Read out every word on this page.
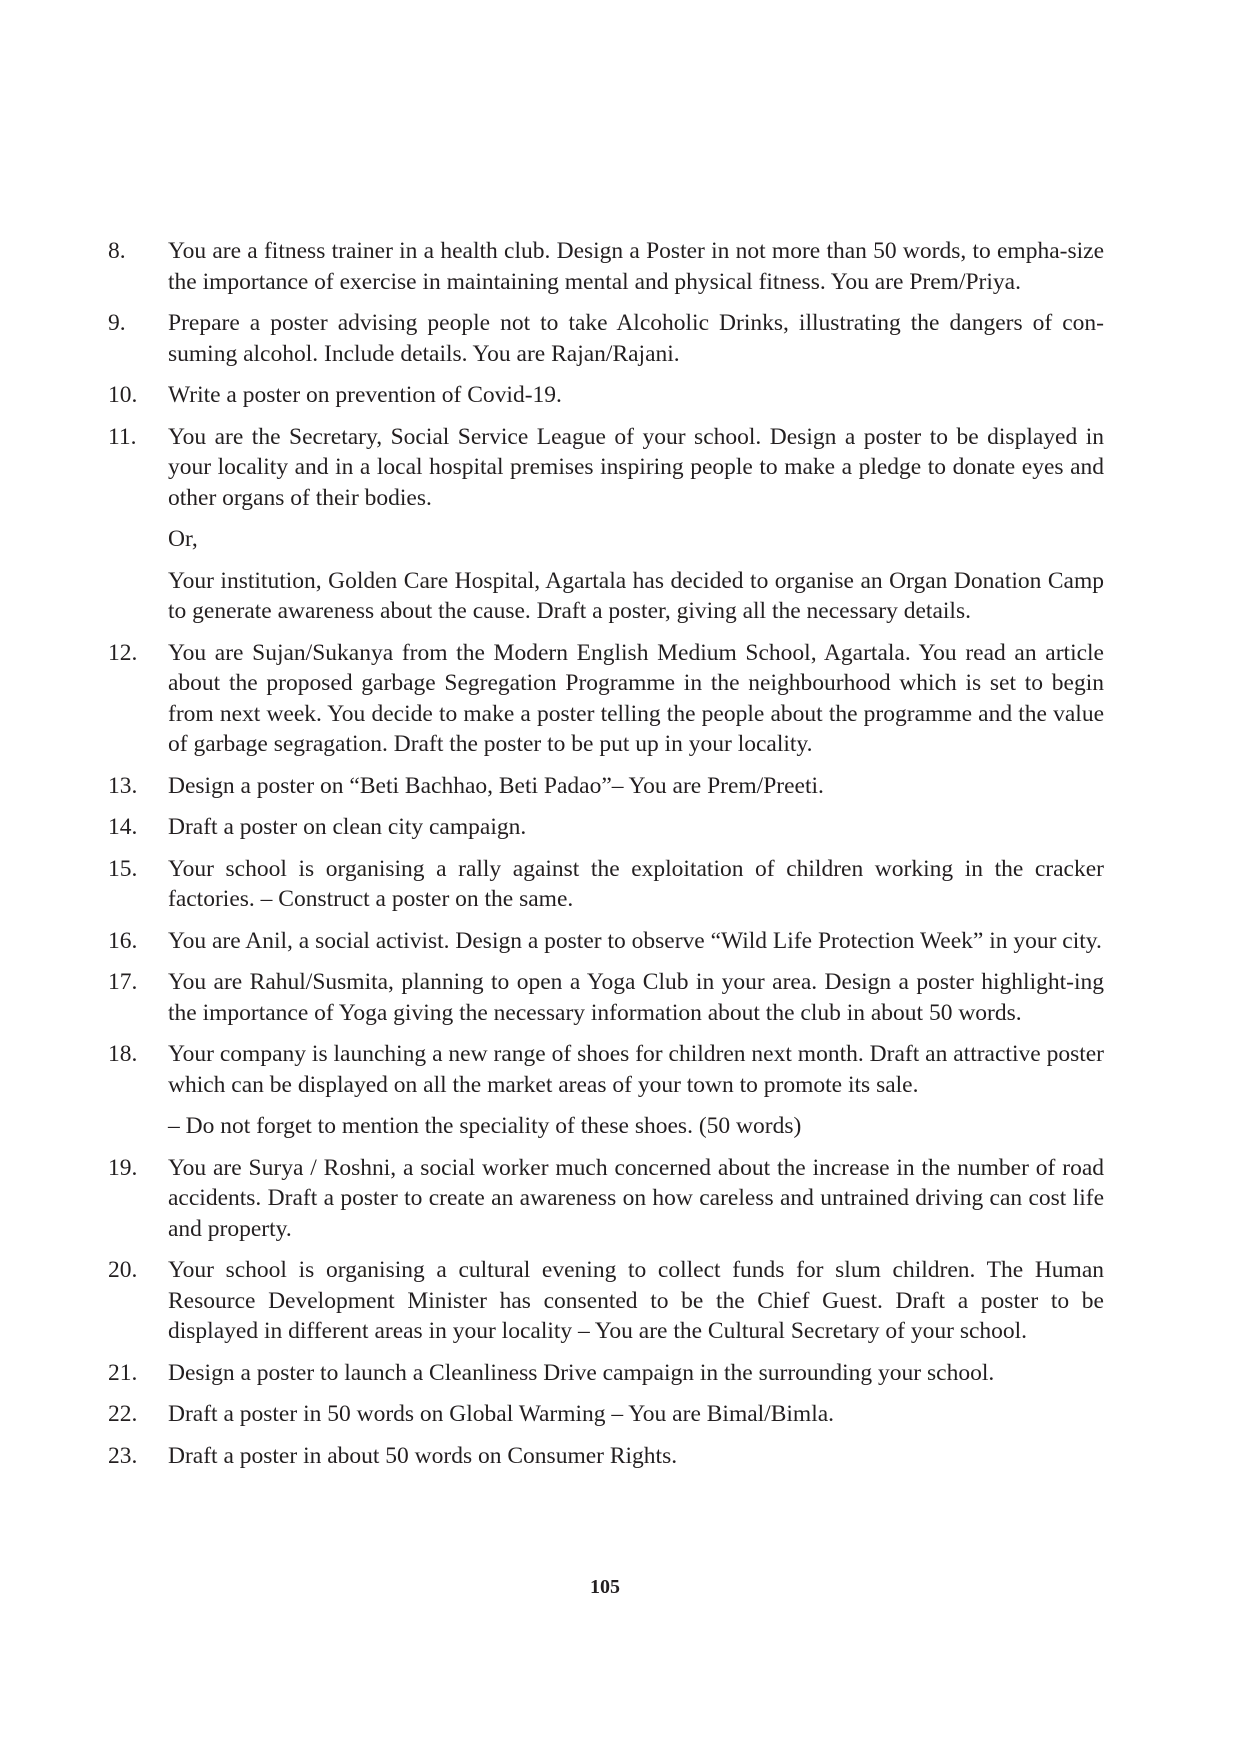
8.	You are a fitness trainer in a health club. Design a Poster in not more than 50 words, to empha-size the importance of exercise in maintaining mental and physical fitness. You are Prem/Priya.
9.	Prepare a poster advising people not to take Alcoholic Drinks, illustrating the dangers of con-suming alcohol. Include details. You are Rajan/Rajani.
10.	Write a poster on prevention of Covid-19.
11.	You are the Secretary, Social Service League of your school. Design a poster to be displayed in your locality and in a local hospital premises inspiring people to make a pledge to donate eyes and other organs of their bodies.
Or,
Your institution, Golden Care Hospital, Agartala has decided to organise an Organ Donation Camp to generate awareness about the cause. Draft a poster, giving all the necessary details.
12.	You are Sujan/Sukanya from the Modern English Medium School, Agartala. You read an article about the proposed garbage Segregation Programme in the neighbourhood which is set to begin from next week. You decide to make a poster telling the people about the programme and the value of garbage segragation. Draft the poster to be put up in your locality.
13.	Design a poster on “Beti Bachhao, Beti Padao”– You are Prem/Preeti.
14.	Draft a poster on clean city campaign.
15.	Your school is organising a rally against the exploitation of children working in the cracker factories. – Construct a poster on the same.
16.	You are Anil, a social activist. Design a poster to observe “Wild Life Protection Week” in your city.
17.	You are Rahul/Susmita, planning to open a Yoga Club in your area. Design a poster highlight-ing the importance of Yoga giving the necessary information about the club in about 50 words.
18.	Your company is launching a new range of shoes for children next month. Draft an attractive poster which can be displayed on all the market areas of your town to promote its sale.
– Do not forget to mention the speciality of these shoes. (50 words)
19.	You are Surya / Roshni, a social worker much concerned about the increase in the number of road accidents. Draft a poster to create an awareness on how careless and untrained driving can cost life and property.
20.	Your school is organising a cultural evening to collect funds for slum children. The Human Resource Development Minister has consented to be the Chief Guest. Draft a poster to be displayed in different areas in your locality – You are the Cultural Secretary of your school.
21.	Design a poster to launch a Cleanliness Drive campaign in the surrounding your school.
22.	Draft a poster in 50 words on Global Warming – You are Bimal/Bimla.
23.	Draft a poster in about 50 words on Consumer Rights.
105
